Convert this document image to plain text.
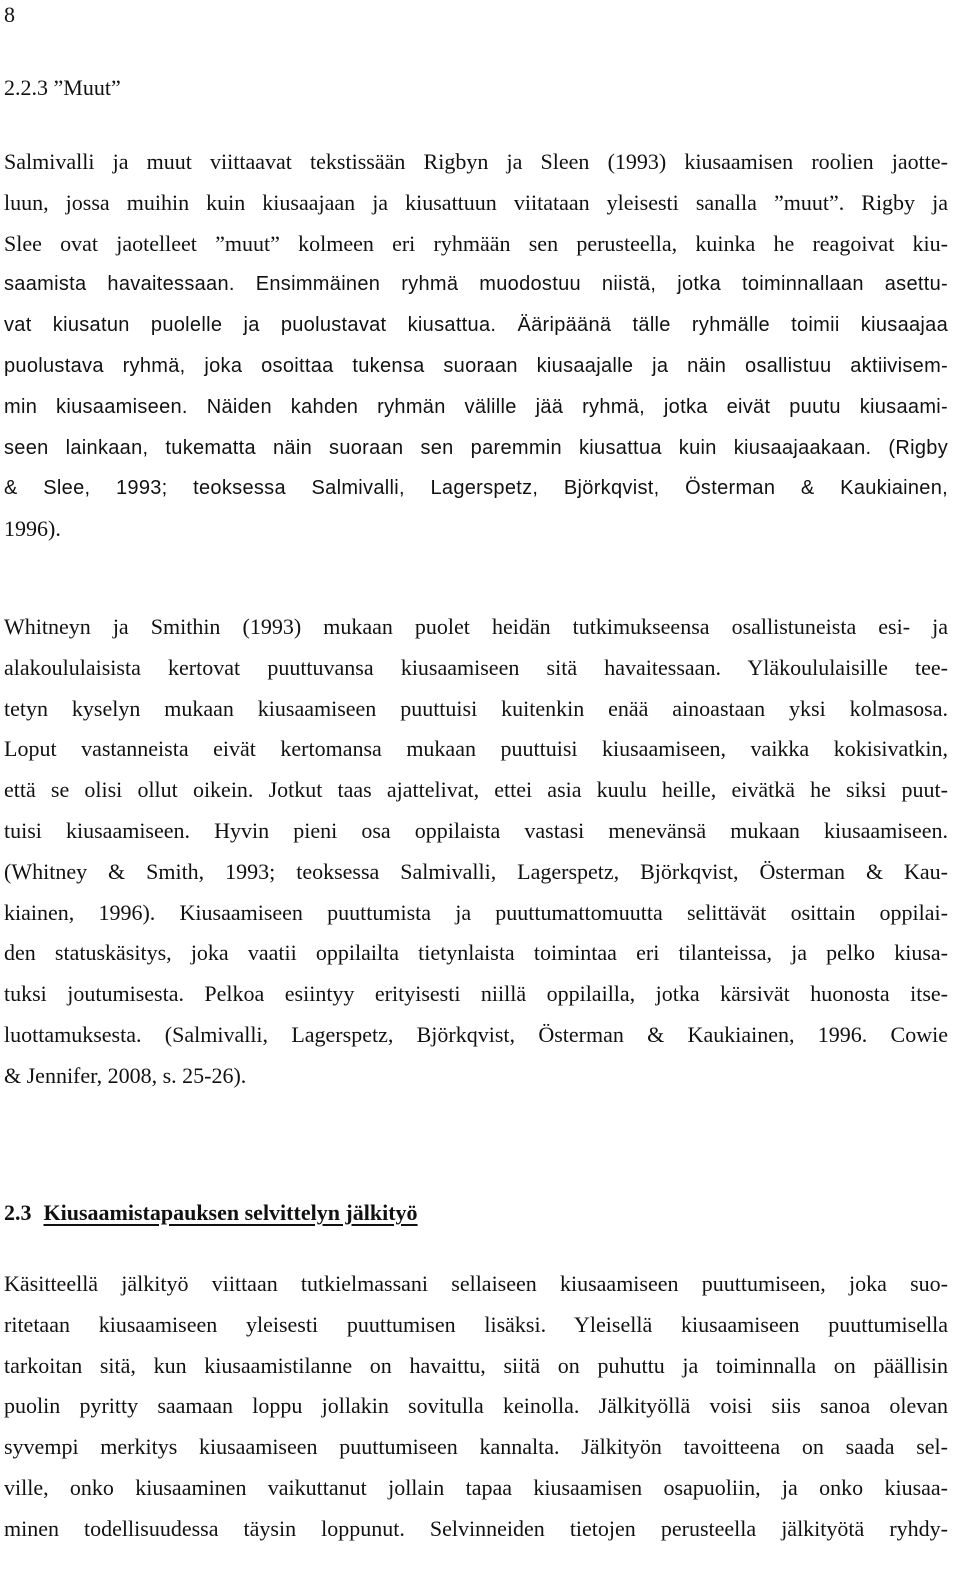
8
2.2.3 ”Muut”
Salmivalli ja muut viittaavat tekstissään Rigbyn ja Sleen (1993) kiusaamisen roolien jaotte-
luun, jossa muihin kuin kiusaajaan ja kiusattuun viitataan yleisesti sanalla ”muut”. Rigby ja
Slee ovat jaotelleet ”muut” kolmeen eri ryhmään sen perusteella, kuinka he reagoivat kiu-
saamista havaitessaan. Ensimmäinen ryhmä muodostuu niistä, jotka toiminnallaan asettu-
vat kiusatun puolelle ja puolustavat kiusattua. Ääripäänä tälle ryhmälle toimii kiusaajaa
puolustava ryhmä, joka osoittaa tukensa suoraan kiusaajalle ja näin osallistuu aktiivisem-
min kiusaamiseen. Näiden kahden ryhmän välille jää ryhmä, jotka eivät puutu kiusaami-
seen lainkaan, tukematta näin suoraan sen paremmin kiusattua kuin kiusaajaakaan. (Rigby
& Slee, 1993; teoksessa Salmivalli, Lagerspetz, Björkqvist, Österman & Kaukiainen,
1996).
Whitneyn ja Smithin (1993) mukaan puolet heidän tutkimukseensa osallistuneista esi- ja
alakoululaisista kertovat puuttuvansa kiusaamiseen sitä havaitessaan. Yläkoululaisille tee-
tetyn kyselyn mukaan kiusaamiseen puuttuisi kuitenkin enää ainoastaan yksi kolmasosa.
Loput vastanneista eivät kertomansa mukaan puuttuisi kiusaamiseen, vaikka kokisivatkin,
että se olisi ollut oikein. Jotkut taas ajattelivat, ettei asia kuulu heille, eivätkä he siksi puut-
tuisi kiusaamiseen. Hyvin pieni osa oppilaista vastasi menevänsä mukaan kiusaamiseen.
(Whitney & Smith, 1993; teoksessa Salmivalli, Lagerspetz, Björkqvist, Österman & Kau-
kiainen, 1996). Kiusaamiseen puuttumista ja puuttumattomuutta selittävät osittain oppilai-
den statuskäsitys, joka vaatii oppilailta tietynlaista toimintaa eri tilanteissa, ja pelko kiusa-
tuksi joutumisesta. Pelkoa esiintyy erityisesti niillä oppilailla, jotka kärsivät huonosta itse-
luottamuksesta. (Salmivalli, Lagerspetz, Björkqvist, Österman & Kaukiainen, 1996. Cowie
& Jennifer, 2008, s. 25-26).
2.3 Kiusaamistapauksen selvittelyn jälkityö
Käsitteellä jälkityö viittaan tutkielmassani sellaiseen kiusaamiseen puuttumiseen, joka suo-
ritetaan kiusaamiseen yleisesti puuttumisen lisäksi. Yleisellä kiusaamiseen puuttumisella
tarkoitan sitä, kun kiusaamistilanne on havaittu, siitä on puhuttu ja toiminnalla on päällisin
puolin pyritty saamaan loppu jollakin sovitulla keinolla. Jälkityöllä voisi siis sanoa olevan
syvempi merkitys kiusaamiseen puuttumiseen kannalta. Jälkityön tavoitteena on saada sel-
ville, onko kiusaaminen vaikuttanut jollain tapaa kiusaamisen osapuoliin, ja onko kiusaa-
minen todellisuudessa täysin loppunut. Selvinneiden tietojen perusteella jälkityötä ryhdy-
